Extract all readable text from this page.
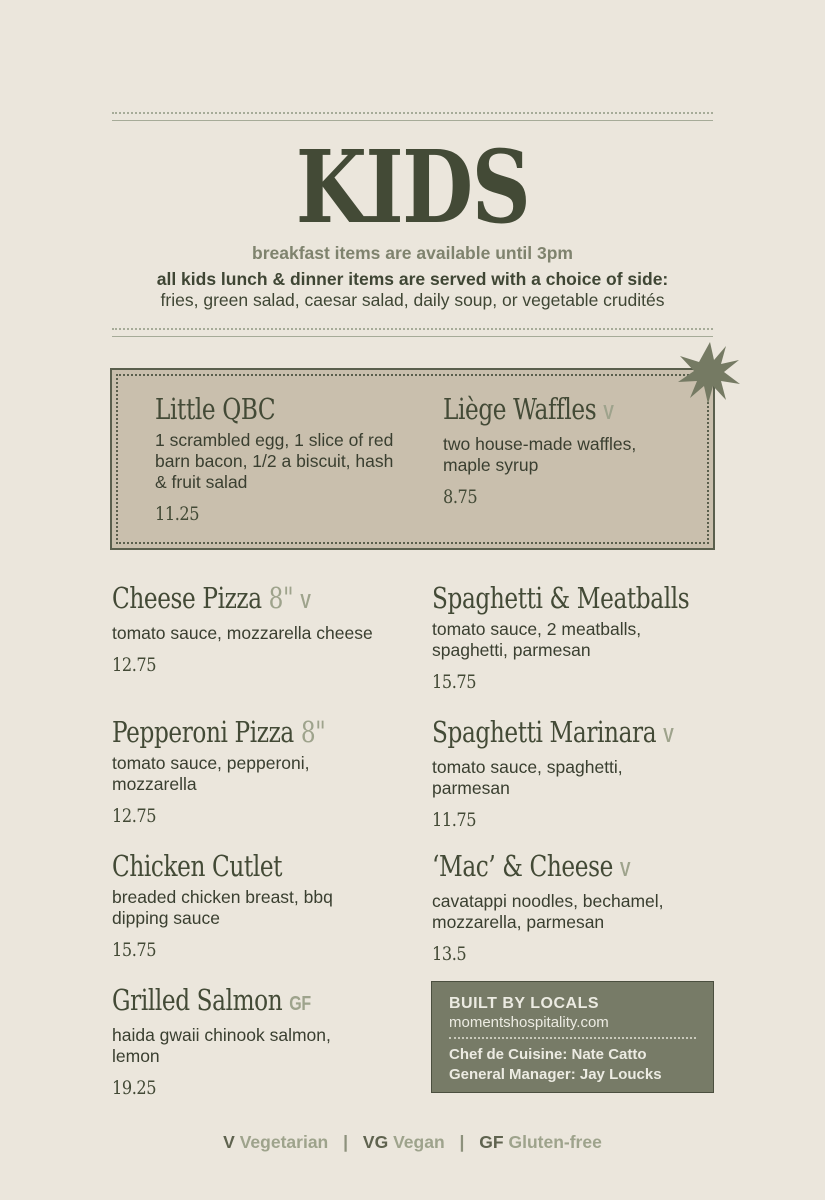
KIDS
breakfast items are available until 3pm
all kids lunch & dinner items are served with a choice of side:
fries, green salad, caesar salad, daily soup, or vegetable crudités
Little QBC
1 scrambled egg, 1 slice of red barn bacon, 1/2 a biscuit, hash & fruit salad
11.25
Liège Waffles V
two house-made waffles, maple syrup
8.75
Cheese Pizza 8" V
tomato sauce, mozzarella cheese
12.75
Spaghetti & Meatballs
tomato sauce, 2 meatballs, spaghetti, parmesan
15.75
Pepperoni Pizza 8"
tomato sauce, pepperoni, mozzarella
12.75
Spaghetti Marinara V
tomato sauce, spaghetti, parmesan
11.75
Chicken Cutlet
breaded chicken breast, bbq dipping sauce
15.75
‘Mac’ & Cheese V
cavatappi noodles, bechamel, mozzarella, parmesan
13.5
Grilled Salmon GF
haida gwaii chinook salmon, lemon
19.25
BUILT BY LOCALS
momentshospitality.com
Chef de Cuisine: Nate Catto
General Manager: Jay Loucks
V Vegetarian | VG Vegan | GF Gluten-free
